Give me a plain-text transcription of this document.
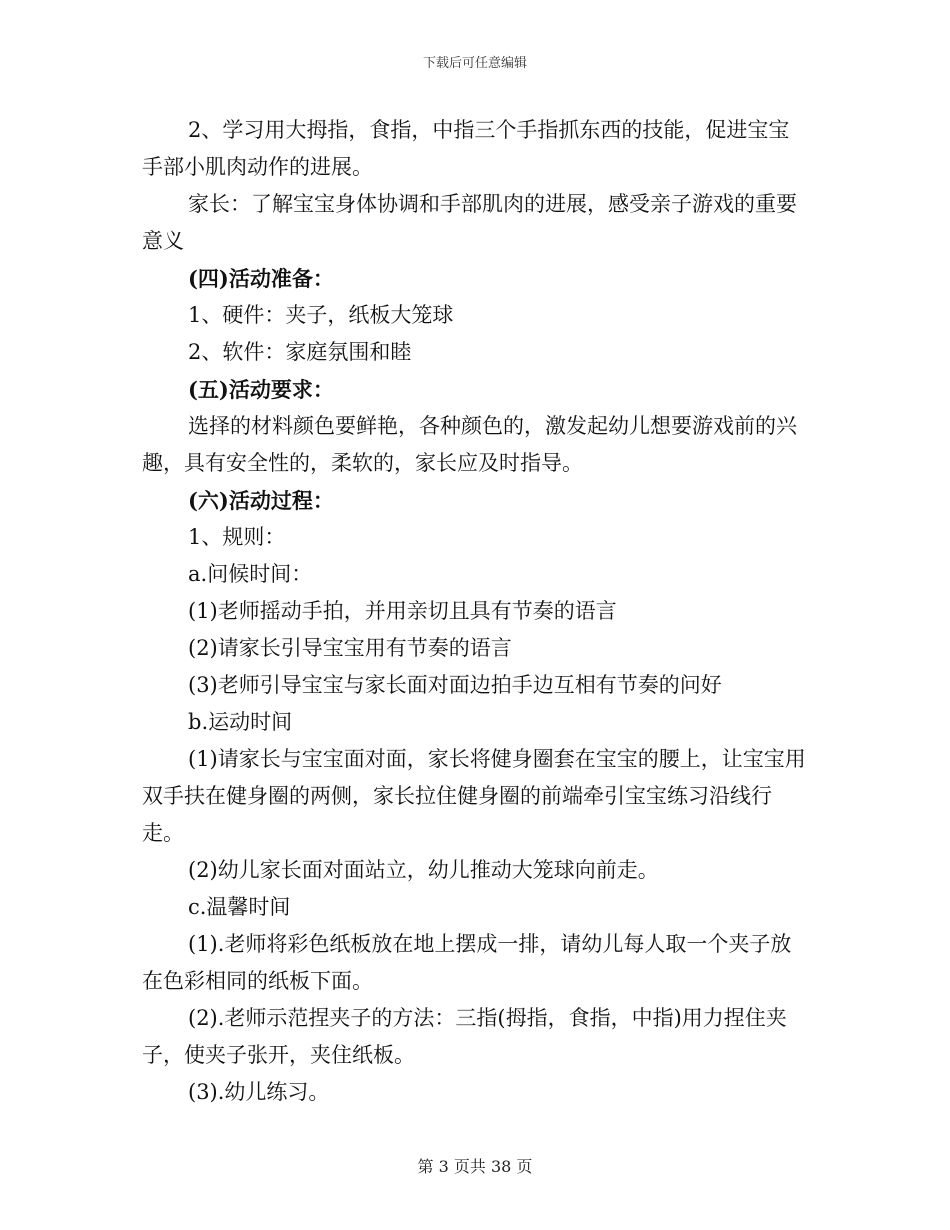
下载后可任意编辑

2、学习用大拇指，食指，中指三个手指抓东西的技能，促进宝宝手部小肌肉动作的进展。

家长：了解宝宝身体协调和手部肌肉的进展，感受亲子游戏的重要意义

(四)活动准备：

1、硬件：夹子，纸板大笼球

2、软件：家庭氛围和睦

(五)活动要求：

选择的材料颜色要鲜艳，各种颜色的，激发起幼儿想要游戏前的兴趣，具有安全性的，柔软的，家长应及时指导。

(六)活动过程：

1、规则：

a.问候时间：

(1)老师摇动手拍，并用亲切且具有节奏的语言

(2)请家长引导宝宝用有节奏的语言

(3)老师引导宝宝与家长面对面边拍手边互相有节奏的问好

b.运动时间

(1)请家长与宝宝面对面，家长将健身圈套在宝宝的腰上，让宝宝用双手扶在健身圈的两侧，家长拉住健身圈的前端牵引宝宝练习沿线行走。

(2)幼儿家长面对面站立，幼儿推动大笼球向前走。

c.温馨时间

(1).老师将彩色纸板放在地上摆成一排，请幼儿每人取一个夹子放在色彩相同的纸板下面。

(2).老师示范捏夹子的方法：三指(拇指，食指，中指)用力捏住夹子，使夹子张开，夹住纸板。

(3).幼儿练习。

第 3 页共 38 页
